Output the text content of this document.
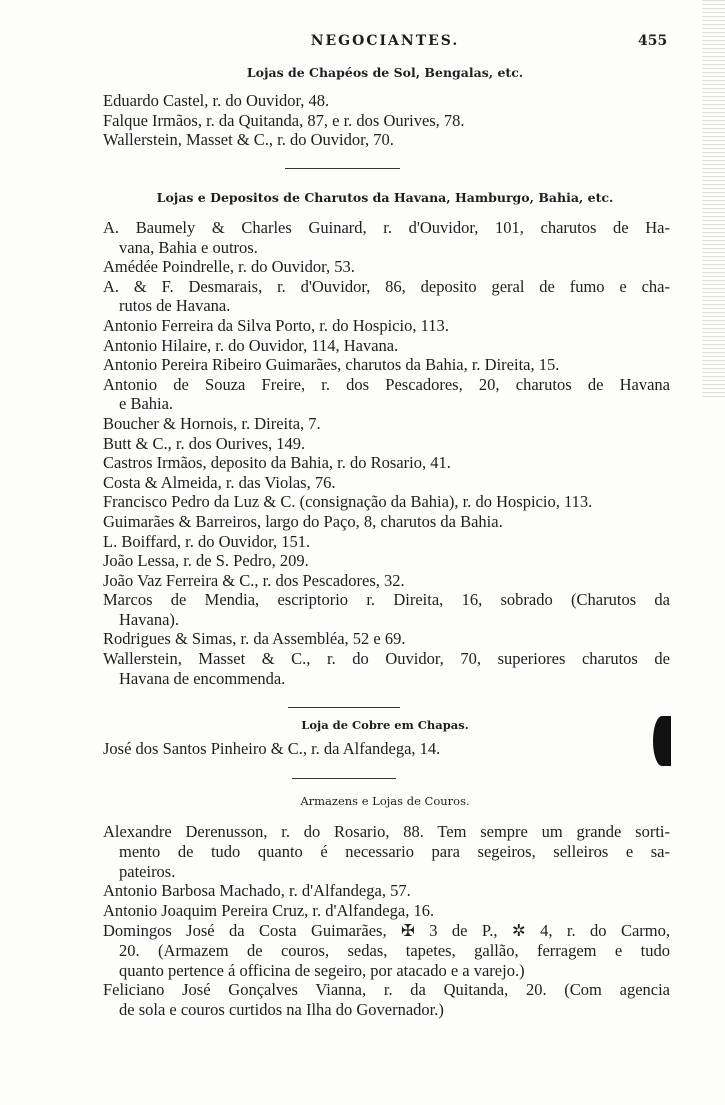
NEGOCIANTES.	455
Lojas de Chapéos de Sol, Bengalas, etc.
Eduardo Castel, r. do Ouvidor, 48.
Falque Irmãos, r. da Quitanda, 87, e r. dos Ourives, 78.
Wallerstein, Masset & C., r. do Ouvidor, 70.
Lojas e Depositos de Charutos da Havana, Hamburgo, Bahia, etc.
A. Baumely & Charles Guinard, r. d'Ouvidor, 101, charutos de Ha-
vana, Bahia e outros.
Amédée Poindrelle, r. do Ouvidor, 53.
A. & F. Desmarais, r. d'Ouvidor, 86, deposito geral de fumo e cha-
rutos de Havana.
Antonio Ferreira da Silva Porto, r. do Hospicio, 113.
Antonio Hilaire, r. do Ouvidor, 114, Havana.
Antonio Pereira Ribeiro Guimarães, charutos da Bahia, r. Direita, 15.
Antonio de Souza Freire, r. dos Pescadores, 20, charutos de Havana
e Bahia.
Boucher & Hornois, r. Direita, 7.
Butt & C., r. dos Ourives, 149.
Castros Irmãos, deposito da Bahia, r. do Rosario, 41.
Costa & Almeida, r. das Violas, 76.
Francisco Pedro da Luz & C. (consignação da Bahia), r. do Hospicio, 113.
Guimarães & Barreiros, largo do Paço, 8, charutos da Bahia.
L. Boiffard, r. do Ouvidor, 151.
João Lessa, r. de S. Pedro, 209.
João Vaz Ferreira & C., r. dos Pescadores, 32.
Marcos de Mendia, escriptorio r. Direita, 16, sobrado (Charutos da
Havana).
Rodrigues & Simas, r. da Assembléa, 52 e 69.
Wallerstein, Masset & C., r. do Ouvidor, 70, superiores charutos de
Havana de encommenda.
Loja de Cobre em Chapas.
José dos Santos Pinheiro & C., r. da Alfandega, 14.
Armazens e Lojas de Couros.
Alexandre Derenusson, r. do Rosario, 88. Tem sempre um grande sorti-
mento de tudo quanto é necessario para segeiros, selleiros e sa-
pateiros.
Antonio Barbosa Machado, r. d'Alfandega, 57.
Antonio Joaquim Pereira Cruz, r. d'Alfandega, 16.
Domingos José da Costa Guimarães, ✠ 3 de P., ✲ 4, r. do Carmo,
20. (Armazem de couros, sedas, tapetes, gallão, ferragem e tudo
quanto pertence á officina de segeiro, por atacado e a varejo.)
Feliciano José Gonçalves Vianna, r. da Quitanda, 20. (Com agencia
de sola e couros curtidos na Ilha do Governador.)
